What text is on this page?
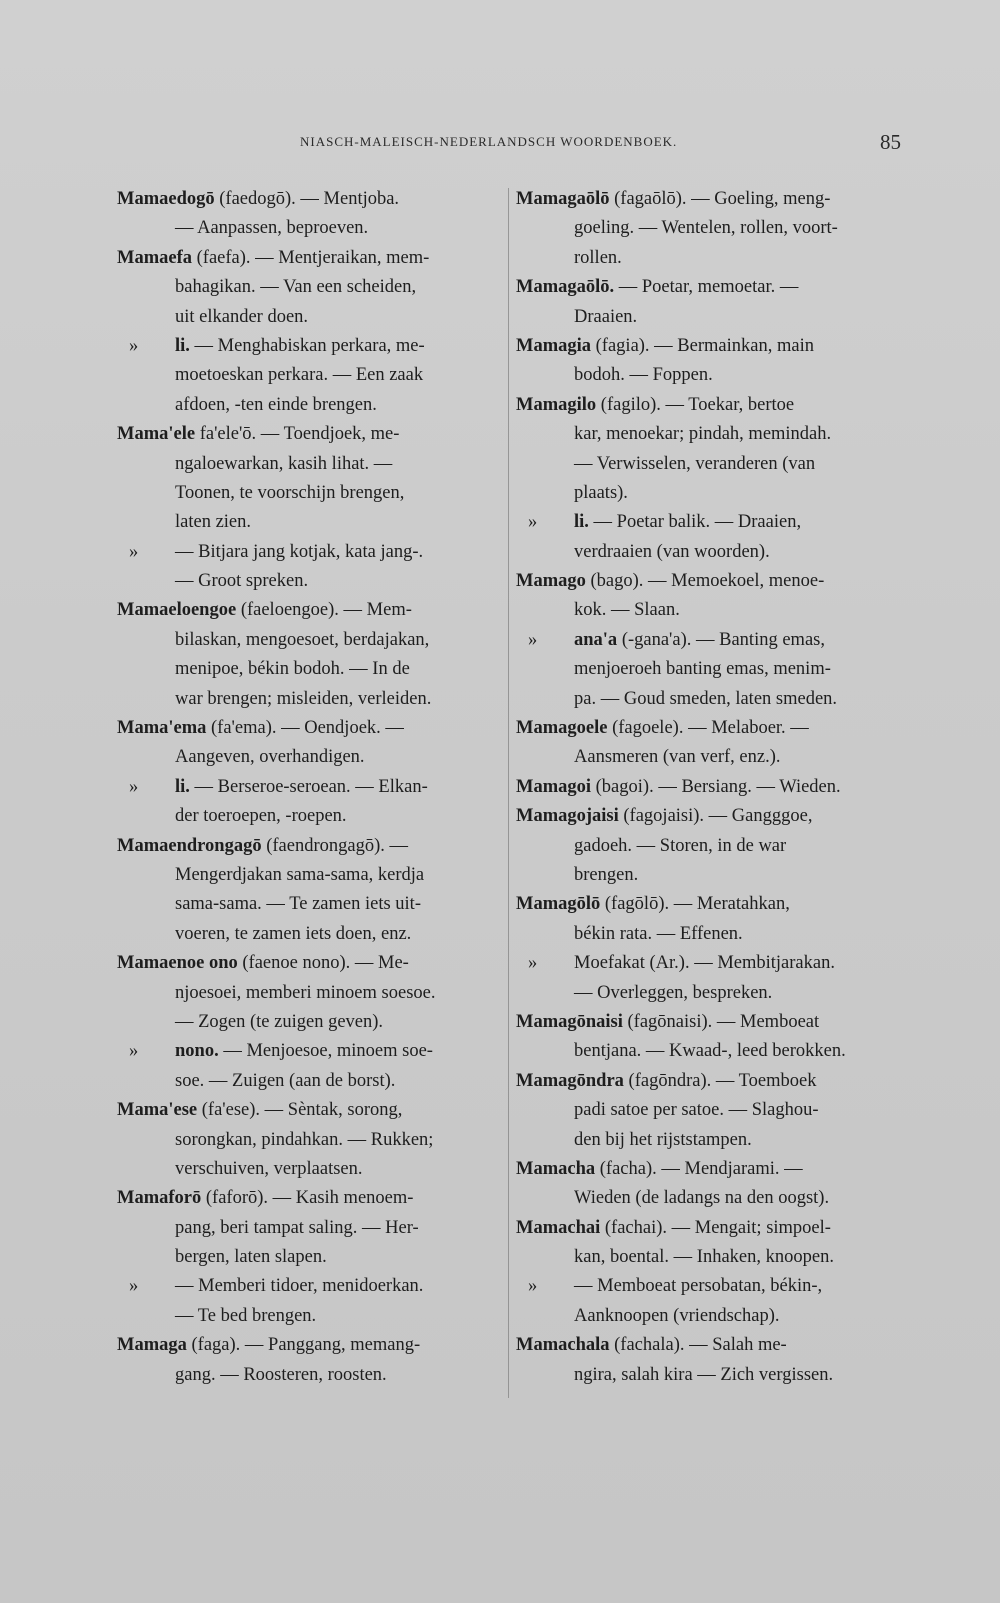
NIASCH-MALEISCH-NEDERLANDSCH WOORDENBOEK.	85
Mamaedogō (faedogō). — Mentjoba.
— Aanpassen, beproeven.
Mamaefa (faefa). — Mentjeraikan, mem-
bahagikan. — Van een scheiden,
uit elkander doen.
» li. — Menghabiskan perkara, me-
moetoeskan perkara. — Een zaak
afdoen, -ten einde brengen.
Mama'ele fa'ele'ō. — Toendjoek, me-
ngaloewarkan, kasih lihat. —
Toonen, te voorschijn brengen,
laten zien.
» — Bitjara jang kotjak, kata jang-.
— Groot spreken.
Mamaeloengoe (faeloengoe). — Mem-
bilaskan, mengoesoet, berdajakan,
menipoe, békin bodoh. — In de
war brengen; misleiden, verleiden.
Mama'ema (fa'ema). — Oendjoek. —
Aangeven, overhandigen.
» li. — Berseroe-seroean. — Elkan-
der toeroepen, -roepen.
Mamaendrongagō (faendrongagō). —
Mengerdjakan sama-sama, kerdja
sama-sama. — Te zamen iets uit-
voeren, te zamen iets doen, enz.
Mamaenoe ono (faenoe nono). — Me-
njoesoei, memberi minoem soesoe.
— Zogen (te zuigen geven).
» nono. — Menjoesoe, minoem soe-
soe. — Zuigen (aan de borst).
Mama'ese (fa'ese). — Sèntak, sorong,
sorongkan, pindahkan. — Rukken;
verschuiven, verplaatsen.
Mamaforō (faforō). — Kasih menoem-
pang, beri tampat saling. — Her-
bergen, laten slapen.
» — Memberi tidoer, menidoerkan.
— Te bed brengen.
Mamaga (faga). — Panggang, memang-
gang. — Roosteren, roosten.
Mamagaōlō (fagaōlō). — Goeling, meng-
goeling. — Wentelen, rollen, voort-
rollen.
Mamagaōlō. — Poetar, memoetar. —
Draaien.
Mamagia (fagia). — Bermainkan, main
bodoh. — Foppen.
Mamagilo (fagilo). — Toekar, bertoe
kar, menoekar; pindah, memindah.
— Verwisselen, veranderen (van
plaats).
» li. — Poetar balik. — Draaien,
verdraaien (van woorden).
Mamago (bago). — Memoekoel, menoe-
kok. — Slaan.
» ana'a (-gana'a). — Banting emas,
menjoeroeh banting emas, menim-
pa. — Goud smeden, laten smeden.
Mamagoele (fagoele). — Melaboer. —
Aansmeren (van verf, enz.).
Mamagoi (bagoi). — Bersiang. — Wieden.
Mamagojaisi (fagojaisi). — Gangggoe,
gadoeh. — Storen, in de war
brengen.
Mamagōlō (fagōlō). — Meratahkan,
békin rata. — Effenen.
» Moefakat (Ar.). — Membitjarakan.
— Overleggen, bespreken.
Mamagōnaisi (fagōnaisi). — Memboeat
bentjana. — Kwaad-, leed berokken.
Mamagōndra (fagōndra). — Toemboek
padi satoe per satoe. — Slaghou-
den bij het rijststampen.
Mamacha (facha). — Mendjarami. —
Wieden (de ladangs na den oogst).
Mamachai (fachai). — Mengait; simpoel-
kan, boental. — Inhaken, knoopen.
» — Memboeat persobatan, békin-,
Aanknoopen (vriendschap).
Mamachala (fachala). — Salah me-
ngira, salah kira — Zich vergissen.
